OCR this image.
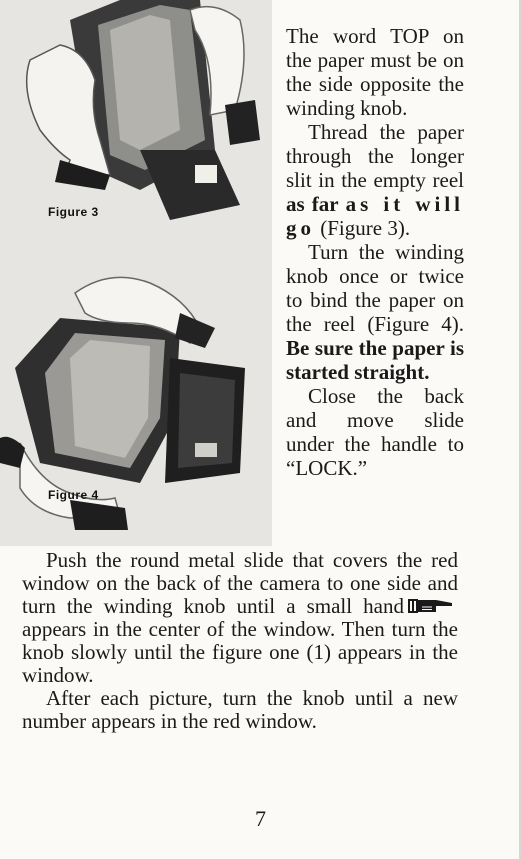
Figure 3
Figure 4

The word TOP on the paper must be on the side opposite the winding knob.

Thread the paper through the longer slit in the empty reel as far as it will go (Figure 3).

Turn the winding knob once or twice to bind the paper on the reel (Figure 4). Be sure the paper is started straight.

Close the back and move slide under the handle to “LOCK.”

Push the round metal slide that covers the red window on the back of the camera to one side and turn the winding knob until a small handappears in the center of the window. Then turn the knob slowly until the figure one (1) appears in the window.

After each picture, turn the knob until a new number appears in the red window.

7
